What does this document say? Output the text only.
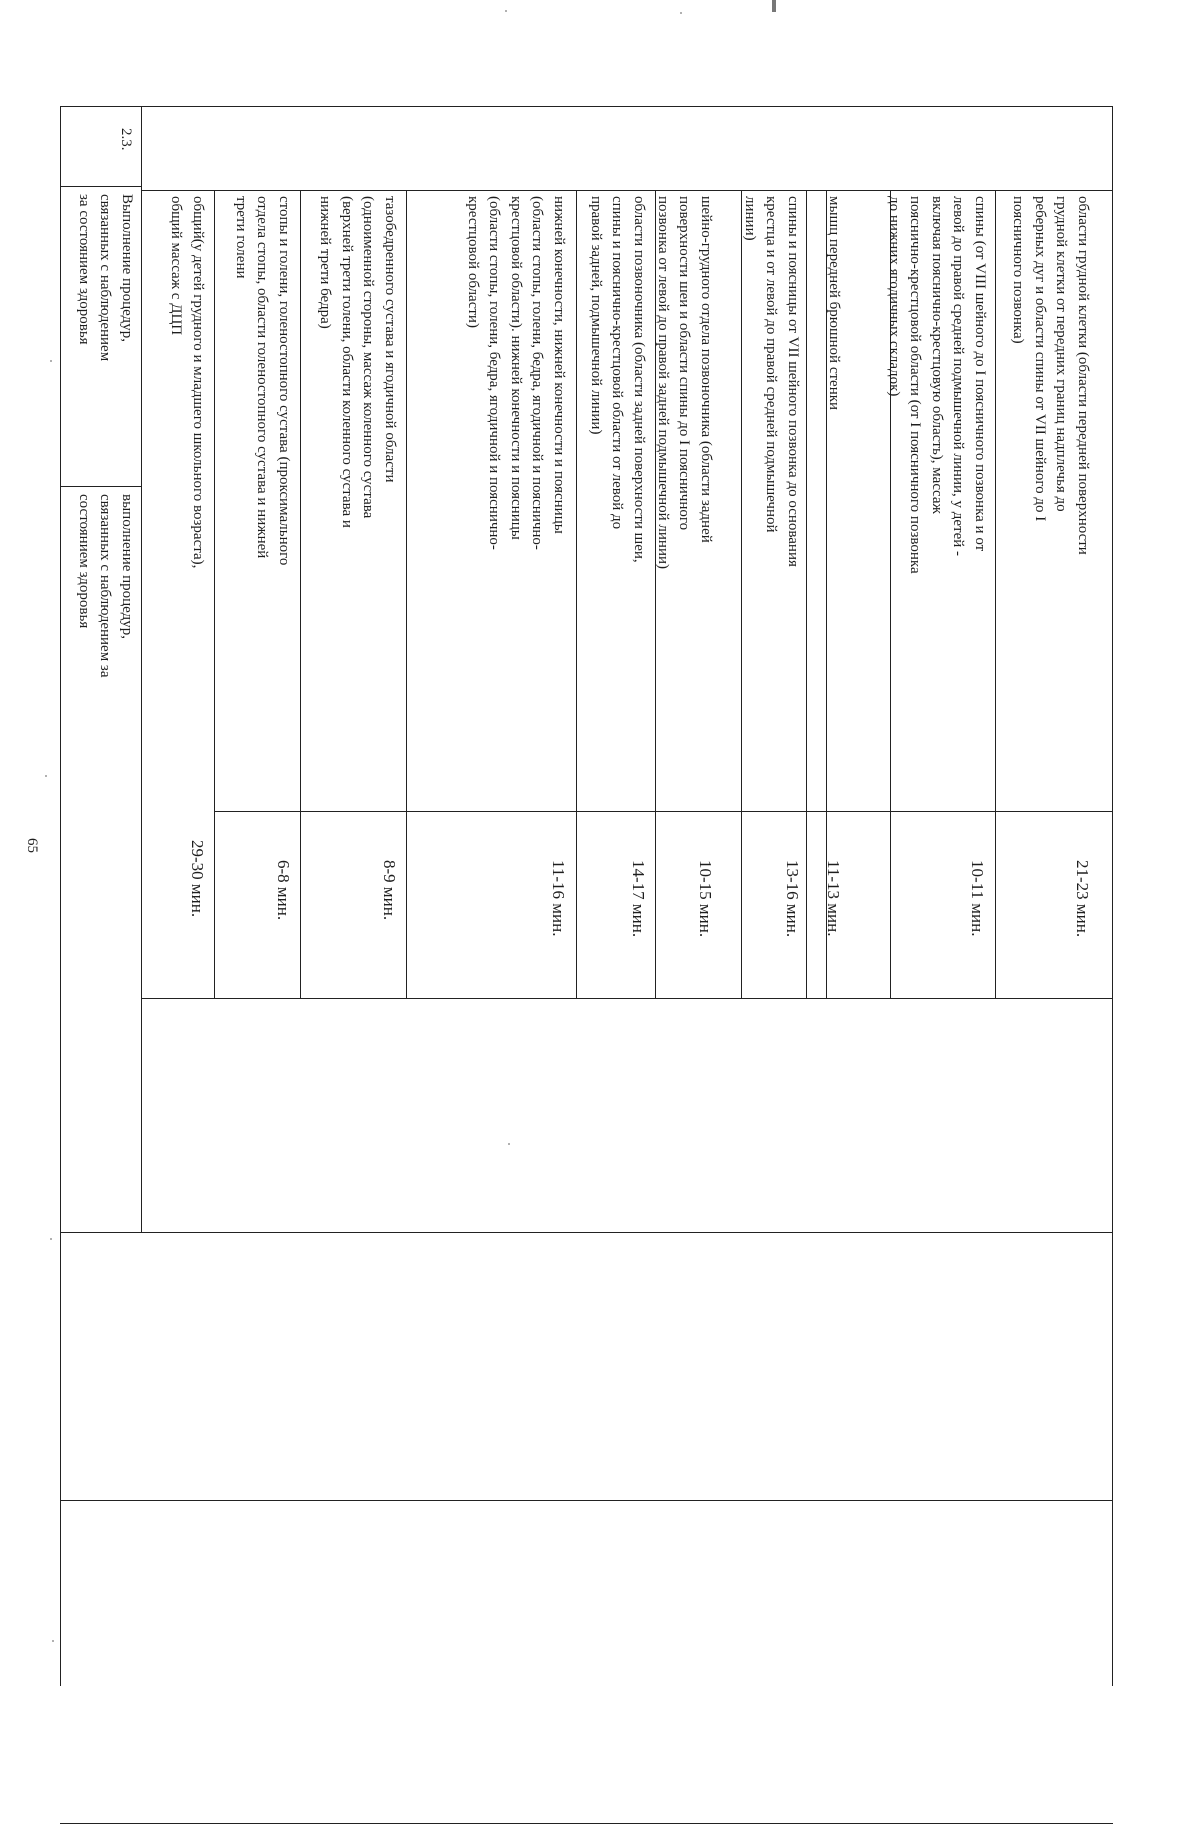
65
2.3.
Выполнение процедур,
связанных с наблюдением
за состоянием здоровья
выполнение процедур,
связанных с наблюдением за
состоянием здоровья
области грудной клетки (области передней поверхности
грудной клетки от передних границ надплечья до
реберных дуг и области спины от VII шейного до I
поясничного позвонка)
21-23 мин.
спины (от VIII шейного до I поясничного позвонка и от
левой до правой средней подмышечной линии, у детей -
включая пояснично-крестцовую область), массаж
пояснично-крестцовой области (от I поясничного позвонка
до нижних ягодичных складок)
10-11 мин.
мышц передней брюшной стенки
11-13 мин.
спины и поясницы от VII шейного позвонка до основания
крестца и от левой до правой средней подмышечной
линии)
13-16 мин.
шейно-грудного отдела позвоночника (области задней
поверхности шеи и области спины до I поясничного
позвонка от левой до правой задней подмышечной линии)
10-15 мин.
области позвоночника (области задней поверхности шеи,
спины и пояснично-крестцовой области от левой до
правой задней, подмышечной линии)
14-17 мин.
нижней конечности, нижней конечности и поясницы
(области стопы, голени, бедра, ягодичной и пояснично-
крестцовой области). нижней конечности и поясницы
(области стопы, голени, бедра, ягодичной и пояснично-
крестцовой области)
11-16 мин.
тазобедренного сустава и ягодичной области
(одноименной стороны, массаж коленного сустава
(верхней трети голени, области коленного сустава и
нижней трети бедра)
8-9 мин.
стопы и голени, голеностопного сустава (проксимального
отдела стопы, области голеностопного сустава и нижней
трети голени
6-8 мин.
общий(у детей грудного и младшего школьного возраста),
общий массаж с ДЦП
29-30 мин.
